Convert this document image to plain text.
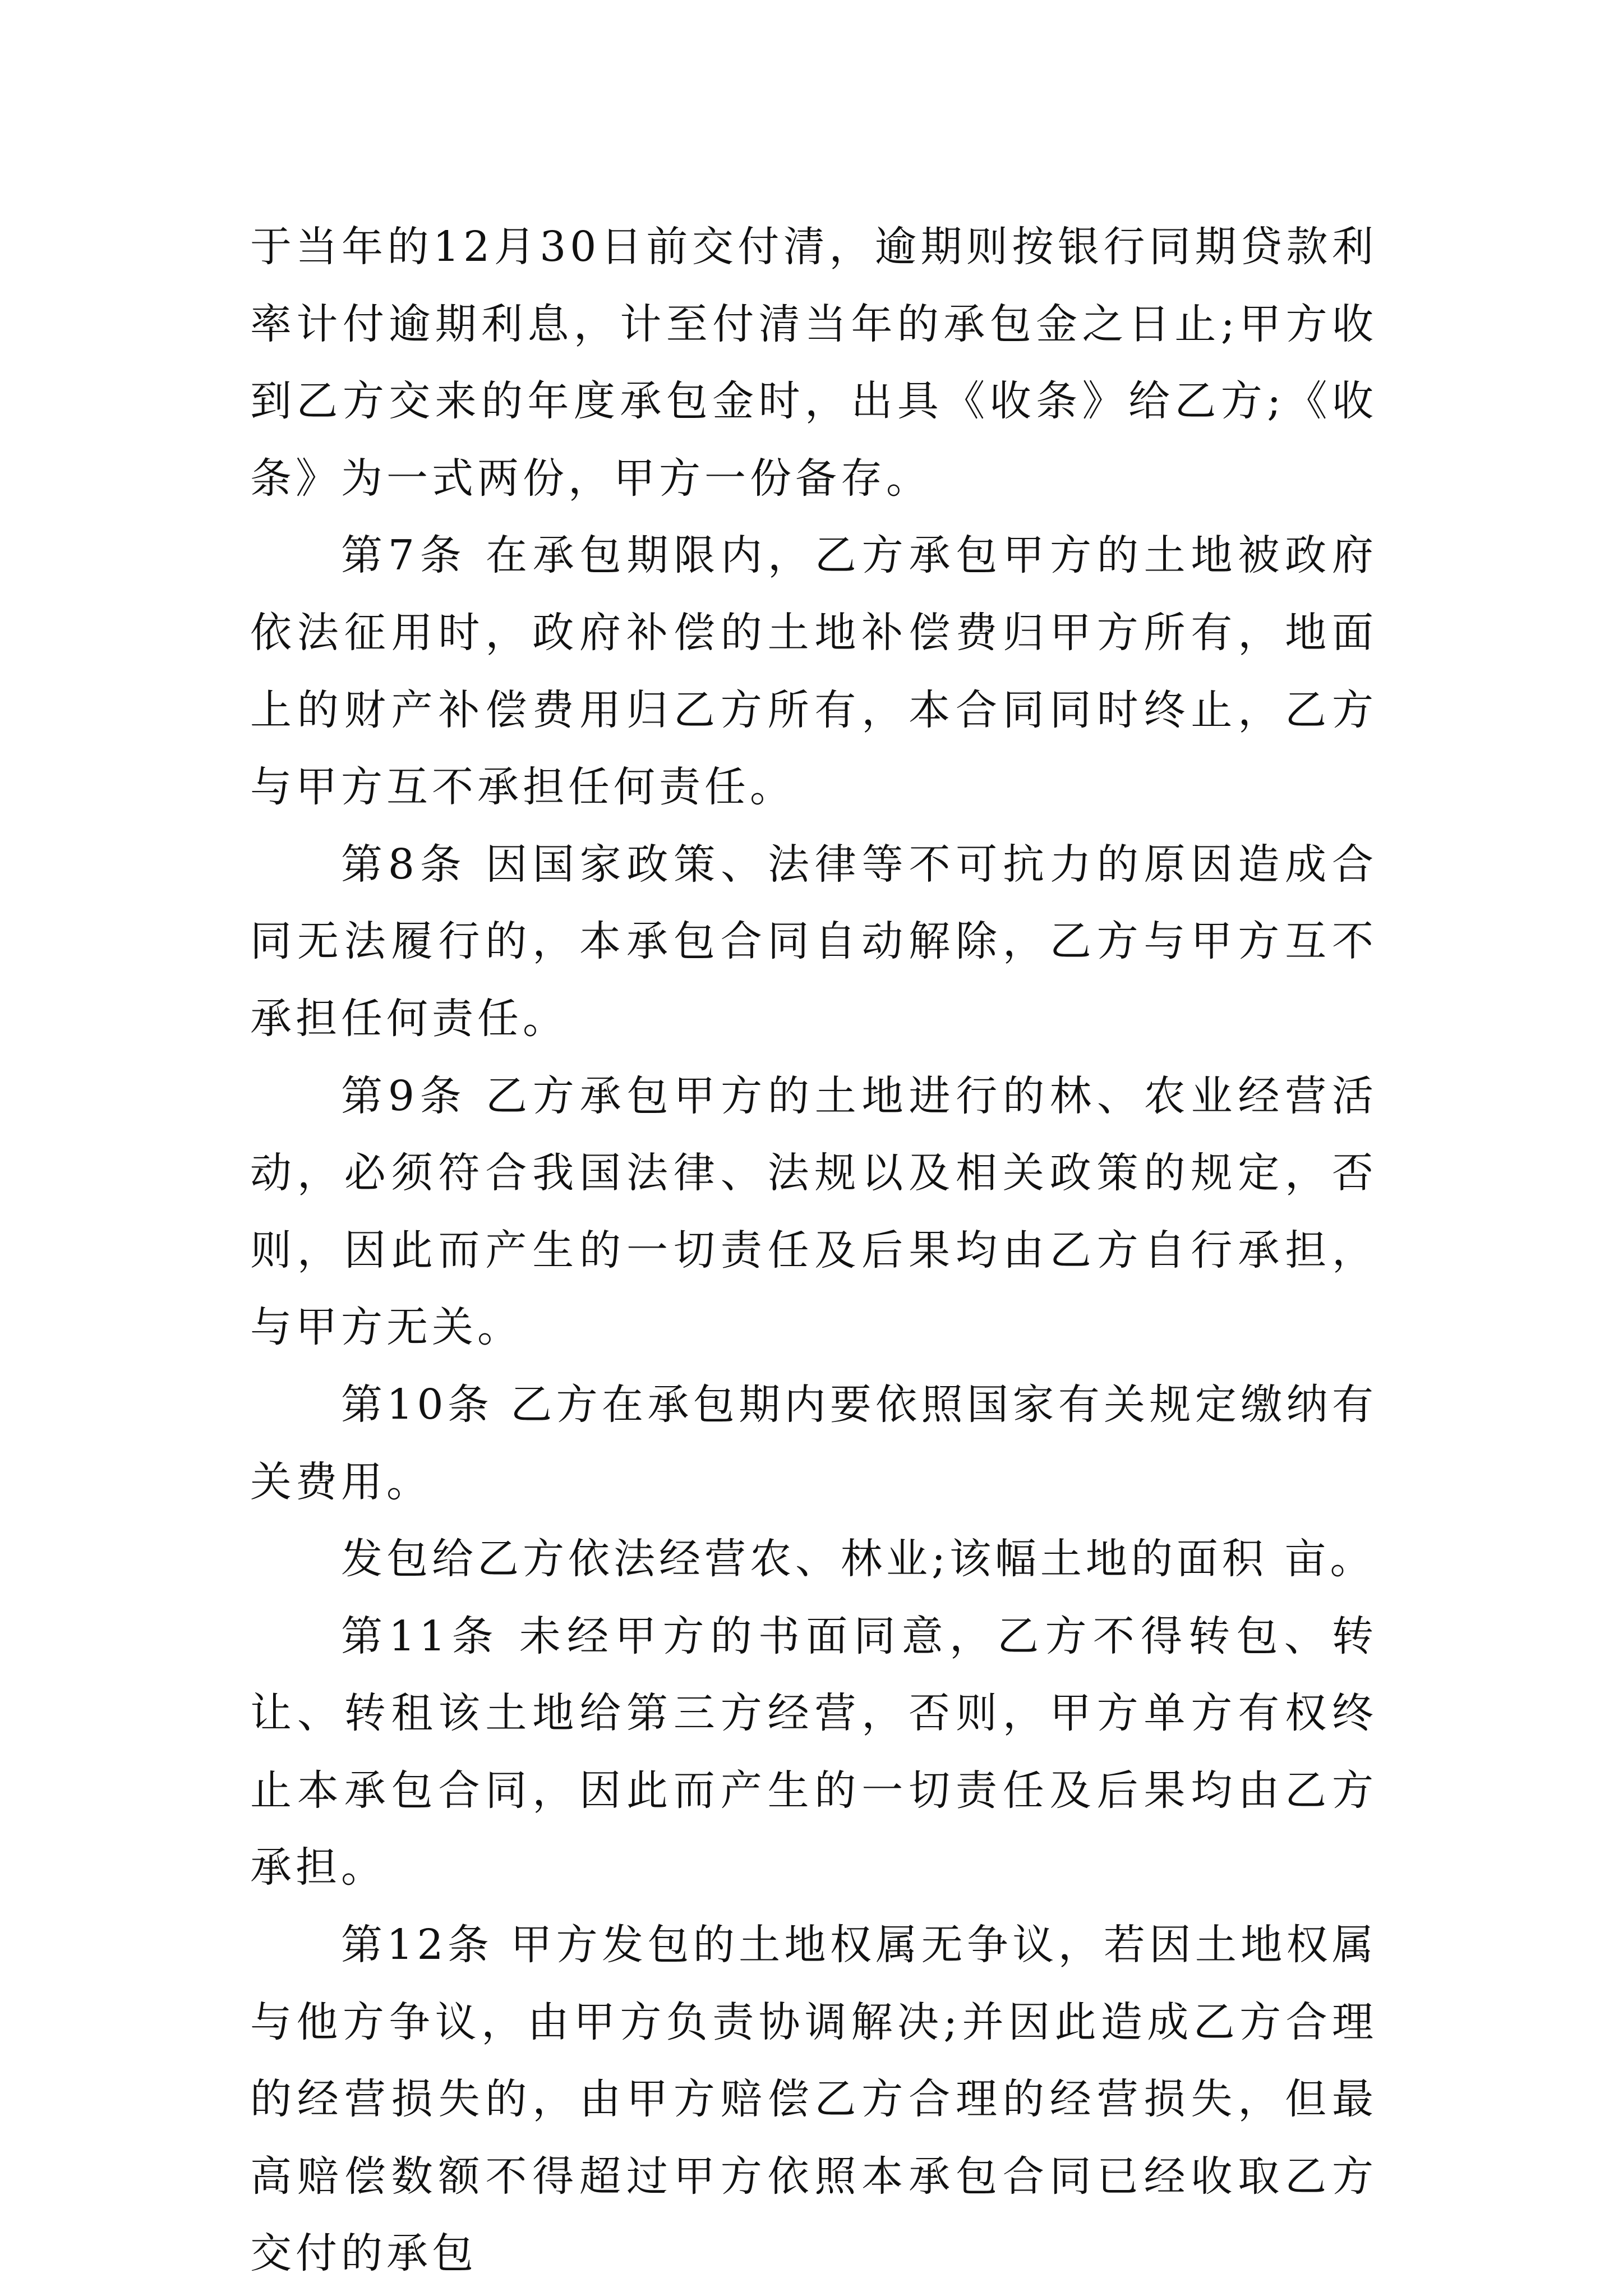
于当年的12月30日前交付清，逾期则按银行同期贷款利率计付逾期利息，计至付清当年的承包金之日止;甲方收到乙方交来的年度承包金时，出具《收条》给乙方;《收条》为一式两份，甲方一份备存。

第7条 在承包期限内，乙方承包甲方的土地被政府依法征用时，政府补偿的土地补偿费归甲方所有，地面上的财产补偿费用归乙方所有，本合同同时终止，乙方与甲方互不承担任何责任。

第8条 因国家政策、法律等不可抗力的原因造成合同无法履行的，本承包合同自动解除，乙方与甲方互不承担任何责任。

第9条 乙方承包甲方的土地进行的林、农业经营活动，必须符合我国法律、法规以及相关政策的规定，否则，因此而产生的一切责任及后果均由乙方自行承担，与甲方无关。

第10条 乙方在承包期内要依照国家有关规定缴纳有关费用。

发包给乙方依法经营农、林业;该幅土地的面积 亩。

第11条 未经甲方的书面同意，乙方不得转包、转让、转租该土地给第三方经营，否则，甲方单方有权终止本承包合同，因此而产生的一切责任及后果均由乙方承担。

第12条 甲方发包的土地权属无争议，若因土地权属与他方争议，由甲方负责协调解决;并因此造成乙方合理的经营损失的，由甲方赔偿乙方合理的经营损失，但最高赔偿数额不得超过甲方依照本承包合同已经收取乙方交付的承包
